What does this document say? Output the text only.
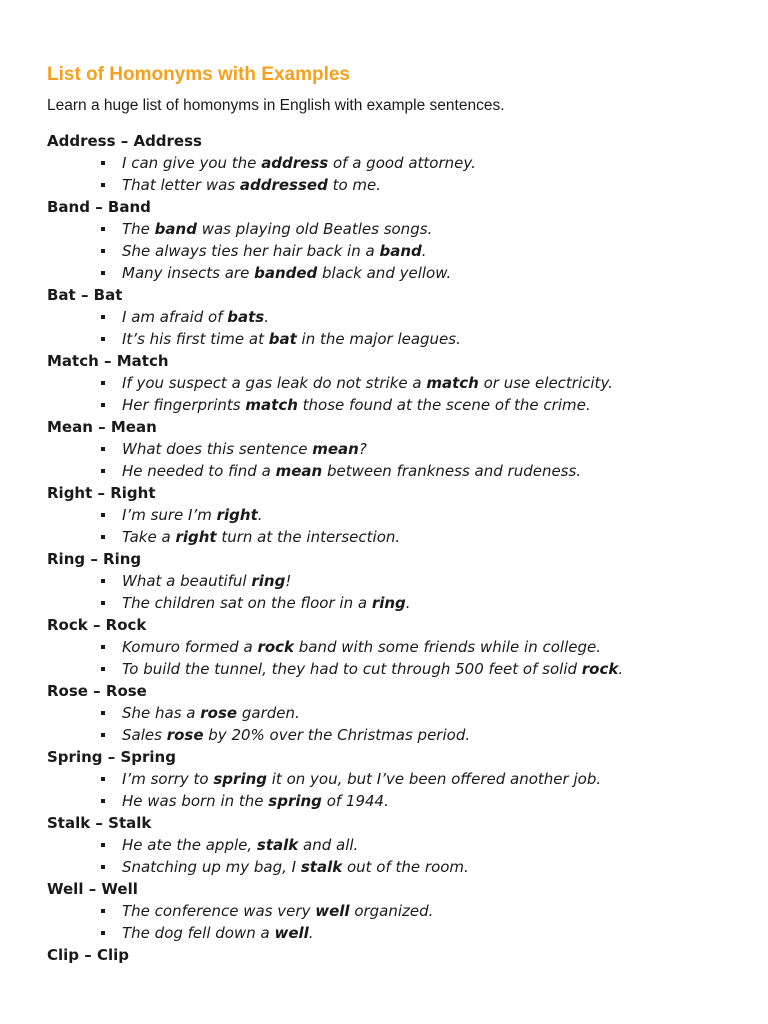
List of Homonyms with Examples

Learn a huge list of homonyms in English with example sentences.

Address – Address
I can give you the address of a good attorney.
That letter was addressed to me.
Band – Band
The band was playing old Beatles songs.
She always ties her hair back in a band.
Many insects are banded black and yellow.
Bat – Bat
I am afraid of bats.
It’s his first time at bat in the major leagues.
Match – Match
If you suspect a gas leak do not strike a match or use electricity.
Her fingerprints match those found at the scene of the crime.
Mean – Mean
What does this sentence mean?
He needed to find a mean between frankness and rudeness.
Right – Right
I’m sure I’m right.
Take a right turn at the intersection.
Ring – Ring
What a beautiful ring!
The children sat on the floor in a ring.
Rock – Rock
Komuro formed a rock band with some friends while in college.
To build the tunnel, they had to cut through 500 feet of solid rock.
Rose – Rose
She has a rose garden.
Sales rose by 20% over the Christmas period.
Spring – Spring
I’m sorry to spring it on you, but I’ve been offered another job.
He was born in the spring of 1944.
Stalk – Stalk
He ate the apple, stalk and all.
Snatching up my bag, I stalk out of the room.
Well – Well
The conference was very well organized.
The dog fell down a well.
Clip – Clip
